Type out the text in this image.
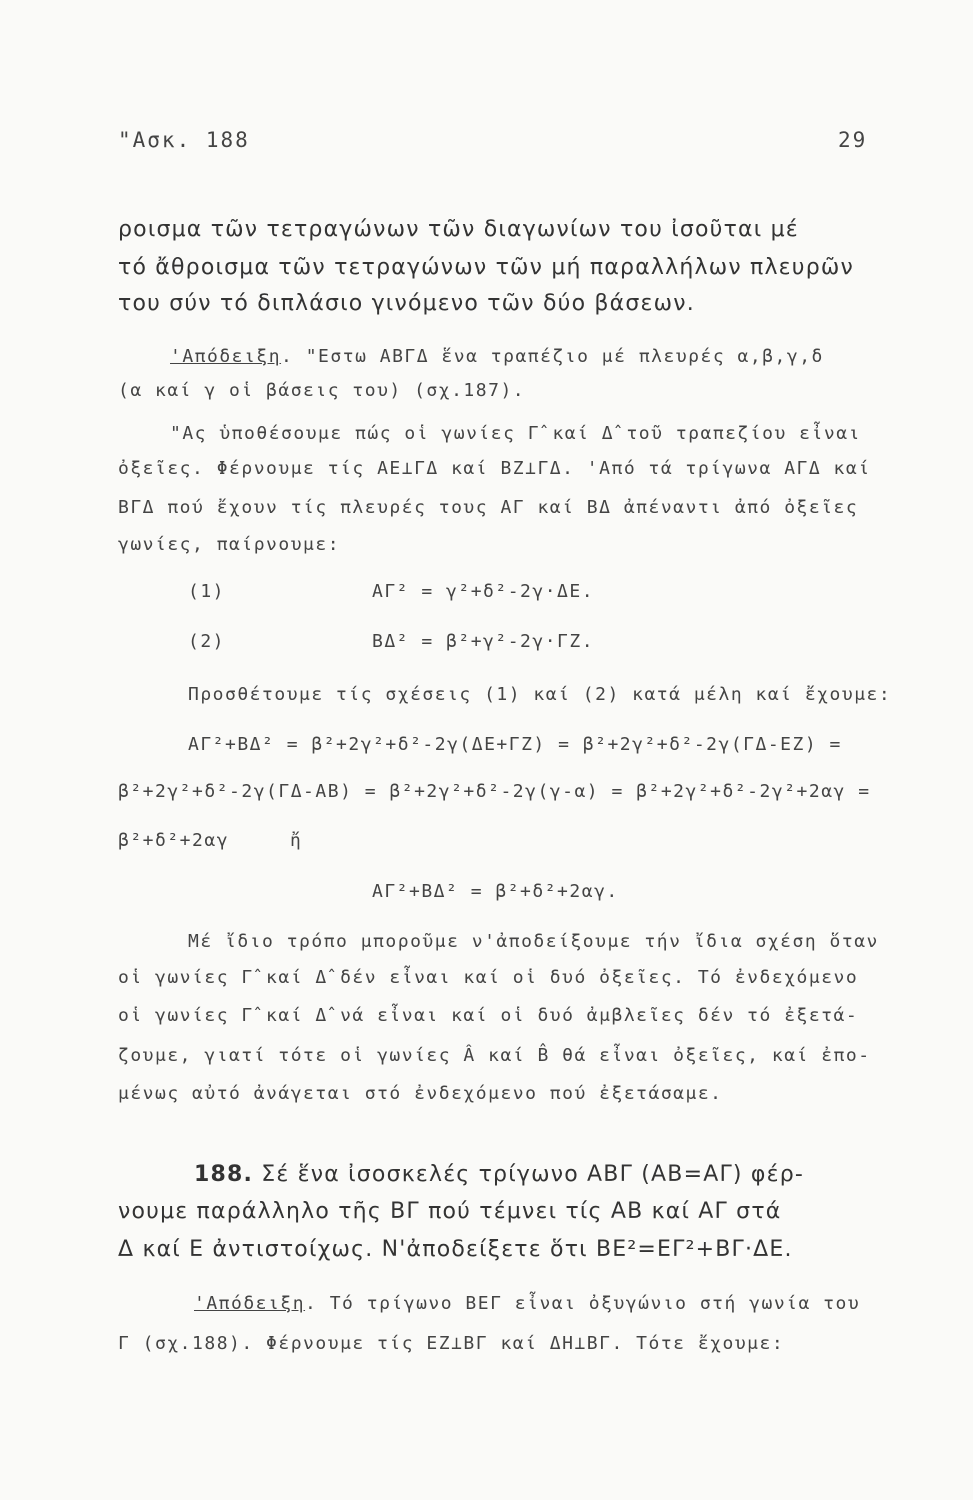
"Ασκ. 188	29
ροισμα τῶν τετραγώνων τῶν διαγωνίων του ἰσοῦται μέ
τό ἄθροισμα τῶν τετραγώνων τῶν μή παραλλήλων πλευρῶν
του σύν τό διπλάσιο γινόμενο τῶν δύο βάσεων.
'Απόδειξη. "Εστω ΑΒΓΔ ἕνα τραπέζιο μέ πλευρές α,β,γ,δ
(α καί γ οἱ βάσεις του) (σχ.187).
"Ας ὑποθέσουμε πώς οἱ γωνίες Γ̂ καί Δ̂ τοῦ τραπεζίου εἶναι
ὀξεῖες. Φέρνουμε τίς ΑΕ⊥ΓΔ καί ΒΖ⊥ΓΔ. 'Από τά τρίγωνα ΑΓΔ καί
ΒΓΔ πού ἔχουν τίς πλευρές τους ΑΓ καί ΒΔ ἀπέναντι ἀπό ὀξεῖες
γωνίες, παίρνουμε:
(1)	ΑΓ² = γ²+δ²-2γ·ΔΕ.
(2)	ΒΔ² = β²+γ²-2γ·ΓΖ.
Προσθέτουμε τίς σχέσεις (1) καί (2) κατά μέλη καί ἔχουμε:
ΑΓ²+ΒΔ² = β²+2γ²+δ²-2γ(ΔΕ+ΓΖ) = β²+2γ²+δ²-2γ(ΓΔ-ΕΖ) =
β²+2γ²+δ²-2γ(ΓΔ-ΑΒ) = β²+2γ²+δ²-2γ(γ-α) = β²+2γ²+δ²-2γ²+2αγ =
β²+δ²+2αγ	ἤ
ΑΓ²+ΒΔ² = β²+δ²+2αγ.
Μέ ἴδιο τρόπο μποροῦμε ν'ἀποδείξουμε τήν ἴδια σχέση ὅταν
οἱ γωνίες Γ̂ καί Δ̂ δέν εἶναι καί οἱ δυό ὀξεῖες. Τό ἐνδεχόμενο
οἱ γωνίες Γ̂ καί Δ̂ νά εἶναι καί οἱ δυό ἀμβλεῖες δέν τό ἐξετά-
ζουμε, γιατί τότε οἱ γωνίες Â καί B̂ θά εἶναι ὀξεῖες, καί ἐπο-
μένως αὐτό ἀνάγεται στό ἐνδεχόμενο πού ἐξετάσαμε.
188. Σέ ἕνα ἰσοσκελές τρίγωνο ΑΒΓ (ΑΒ=ΑΓ) φέρ-
νουμε παράλληλο τῆς ΒΓ πού τέμνει τίς ΑΒ καί ΑΓ στά
Δ καί Ε ἀντιστοίχως. Ν'ἀποδείξετε ὅτι ΒΕ²=ΕΓ²+ΒΓ·ΔΕ.
'Απόδειξη. Τό τρίγωνο ΒΕΓ εἶναι ὀξυγώνιο στή γωνία του
Γ (σχ.188). Φέρνουμε τίς ΕΖ⊥ΒΓ καί ΔΗ⊥ΒΓ. Τότε ἔχουμε:
